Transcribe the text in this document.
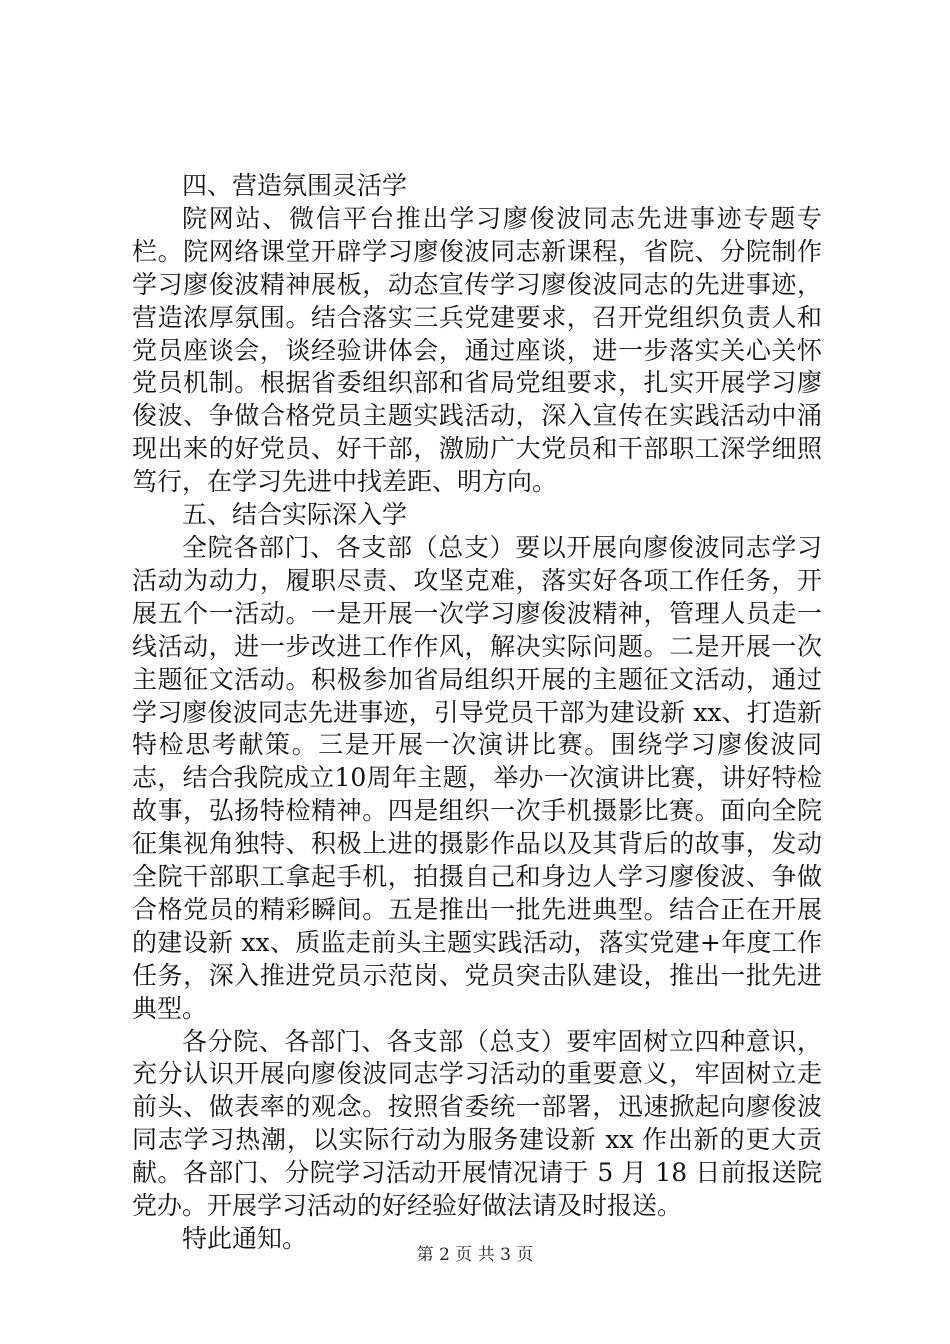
四、营造氛围灵活学

院网站、微信平台推出学习廖俊波同志先进事迹专题专栏。院网络课堂开辟学习廖俊波同志新课程，省院、分院制作学习廖俊波精神展板，动态宣传学习廖俊波同志的先进事迹，营造浓厚氛围。结合落实三兵党建要求，召开党组织负责人和党员座谈会，谈经验讲体会，通过座谈，进一步落实关心关怀党员机制。根据省委组织部和省局党组要求，扎实开展学习廖俊波、争做合格党员主题实践活动，深入宣传在实践活动中涌现出来的好党员、好干部，激励广大党员和干部职工深学细照笃行，在学习先进中找差距、明方向。

五、结合实际深入学

全院各部门、各支部（总支）要以开展向廖俊波同志学习活动为动力，履职尽责、攻坚克难，落实好各项工作任务，开展五个一活动。一是开展一次学习廖俊波精神，管理人员走一线活动，进一步改进工作作风，解决实际问题。二是开展一次主题征文活动。积极参加省局组织开展的主题征文活动，通过学习廖俊波同志先进事迹，引导党员干部为建设新 xx、打造新特检思考献策。三是开展一次演讲比赛。围绕学习廖俊波同志，结合我院成立10周年主题，举办一次演讲比赛，讲好特检故事，弘扬特检精神。四是组织一次手机摄影比赛。面向全院征集视角独特、积极上进的摄影作品以及其背后的故事，发动全院干部职工拿起手机，拍摄自己和身边人学习廖俊波、争做合格党员的精彩瞬间。五是推出一批先进典型。结合正在开展的建设新 xx、质监走前头主题实践活动，落实党建+年度工作任务，深入推进党员示范岗、党员突击队建设，推出一批先进典型。

各分院、各部门、各支部（总支）要牢固树立四种意识，充分认识开展向廖俊波同志学习活动的重要意义，牢固树立走前头、做表率的观念。按照省委统一部署，迅速掀起向廖俊波同志学习热潮，以实际行动为服务建设新 xx 作出新的更大贡献。各部门、分院学习活动开展情况请于 5 月 18 日前报送院党办。开展学习活动的好经验好做法请及时报送。

特此通知。

第 2 页 共 3 页
